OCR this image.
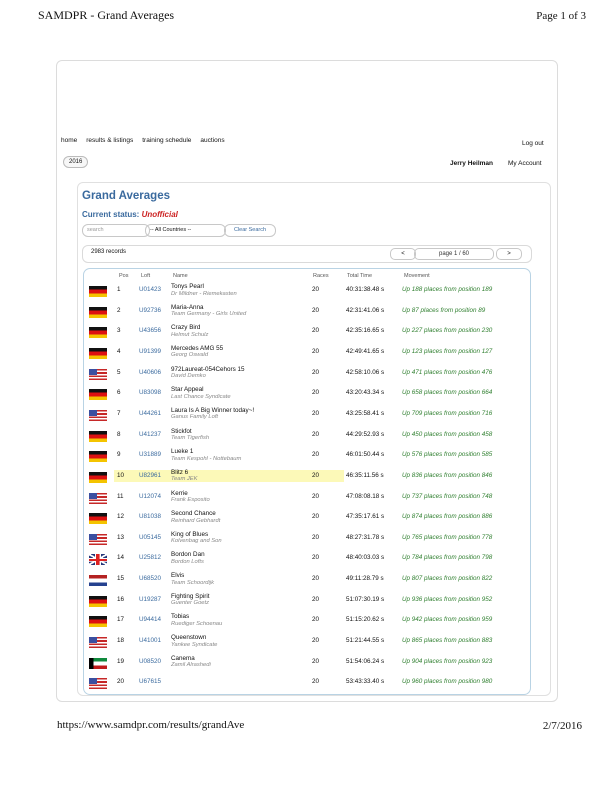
SAMDPR - Grand Averages	Page 1 of 3
home results & listings training schedule auctions	Log out
2016	Jerry Heilman My Account
Grand Averages
Current status: Unofficial
search	-- All Countries --	Clear Search
2983 records	<	page 1 / 60	>
Pos Loft	Name	Races	Total Time	Movement
1	U01423 Tonys Pearl
Dr Mildner - Riemekasten
20	40:31:38.48 s	Up 188 places from position 189
2	U92736 Maria-Anna
Team Germany - Girls United
20	42:31:41.06 s	Up 87 places from position 89
3	U43656 Crazy Bird
Helmut Schulz
20	42:35:16.65 s	Up 227 places from position 230
4	U91399 Mercedes AMG 55
Georg Oswald
20	42:49:41.65 s	Up 123 places from position 127
5	U40606 972Laureat-054Cehors 15
David Demko
20	42:58:10.06 s	Up 471 places from position 476
6	U83098 Star Appeal
Last Chance Syndicate
20	43:20:43.34 s	Up 658 places from position 664
7	U44261 Laura Is A Big Winner today~!
Ganus Family Loft
20	43:25:58.41 s	Up 709 places from position 716
8	U41237 Stickfot
Team Tigerfish
20	44:29:52.93 s	Up 450 places from position 458
9	U31889 Lueke 1
Team Kespohl - Nottebaum
20	46:01:50.44 s	Up 576 places from position 585
10 U82961 Blitz 6
Team JEK
20	46:35:11.56 s	Up 836 places from position 846
11 U12074 Kerrie
Frank Esposito
20	47:08:08.18 s	Up 737 places from position 748
12 U81038 Second Chance
Reinhard Gebhardt
20	47:35:17.61 s	Up 874 places from position 886
13 U05145 King of Blues
Kolvenbag and Son
20	48:27:31.78 s	Up 765 places from position 778
14 U25812 Bordon Dan
Bordon Lofts
20	48:40:03.03 s	Up 784 places from position 798
15 U68520 Elvis
Team Schoordijk
20	49:11:28.79 s	Up 807 places from position 822
16 U19287 Fighting Spirit
Guenter Goetz
20	51:07:30.19 s	Up 936 places from position 952
17 U94414 Tobias
Ruediger Schoenau
20	51:15:20.62 s	Up 942 places from position 959
18 U41001 Queenstown
Yankee Syndicate
20	51:21:44.55 s	Up 865 places from position 883
19 U08520 Canema
Zamil Alrashedi
20	51:54:06.24 s	Up 904 places from position 923
20 U67615	20	53:43:33.40 s	Up 960 places from position 980
https://www.samdpr.com/results/grandAve	2/7/2016
